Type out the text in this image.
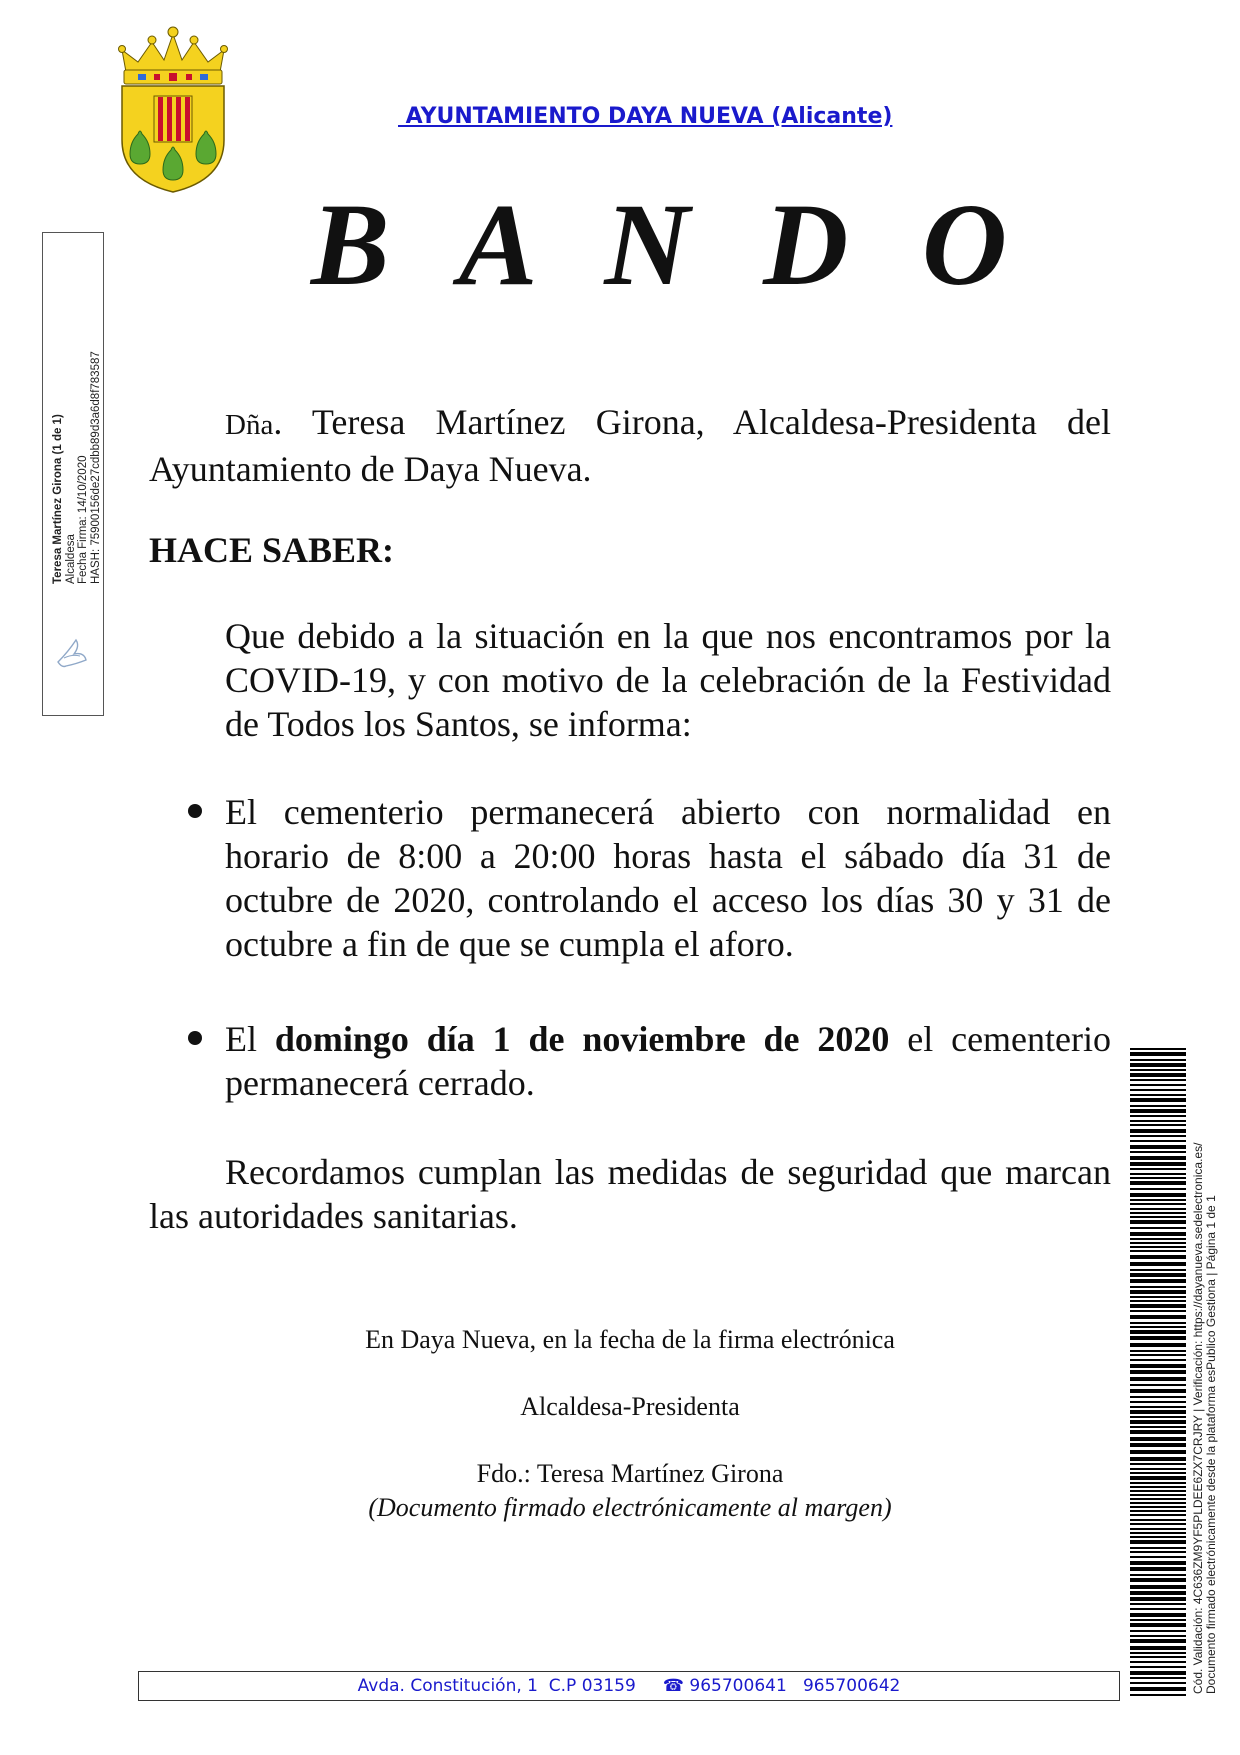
AYUNTAMIENTO DAYA NUEVA (Alicante)
B A N D O
Teresa Martínez Girona (1 de 1) Alcaldesa Fecha Firma: 14/10/2020 HASH: 75900156de27cdbb89d3a6d8f783587	Dña. Teresa Martínez Girona, Alcaldesa-Presidenta del Ayuntamiento de Daya Nueva.
HACE SABER:
Que debido a la situación en la que nos encontramos por la COVID-19, y con motivo de la celebración de la Festividad de Todos los Santos, se informa:
El cementerio permanecerá abierto con normalidad en horario de 8:00 a 20:00 horas hasta el sábado día 31 de octubre de 2020, controlando el acceso los días 30 y 31 de octubre a fin de que se cumpla el aforo.
El domingo día 1 de noviembre de 2020 el cementerio permanecerá cerrado.
Recordamos cumplan las medidas de seguridad que marcan las autoridades sanitarias.
En Daya Nueva, en la fecha de la firma electrónica
Alcaldesa-Presidenta
Fdo.: Teresa Martínez Girona
(Documento firmado electrónicamente al margen)
Avda. Constitución, 1  C.P 03159 ☎ 965700641 965700642	Cód. Validación: 4C636ZM9YF5PLDEE6ZX7CRJRY | Verificación: https://dayanueva.sedelectronica.es/ Documento firmado electrónicamente desde la plataforma esPublico Gestiona | Página 1 de 1
